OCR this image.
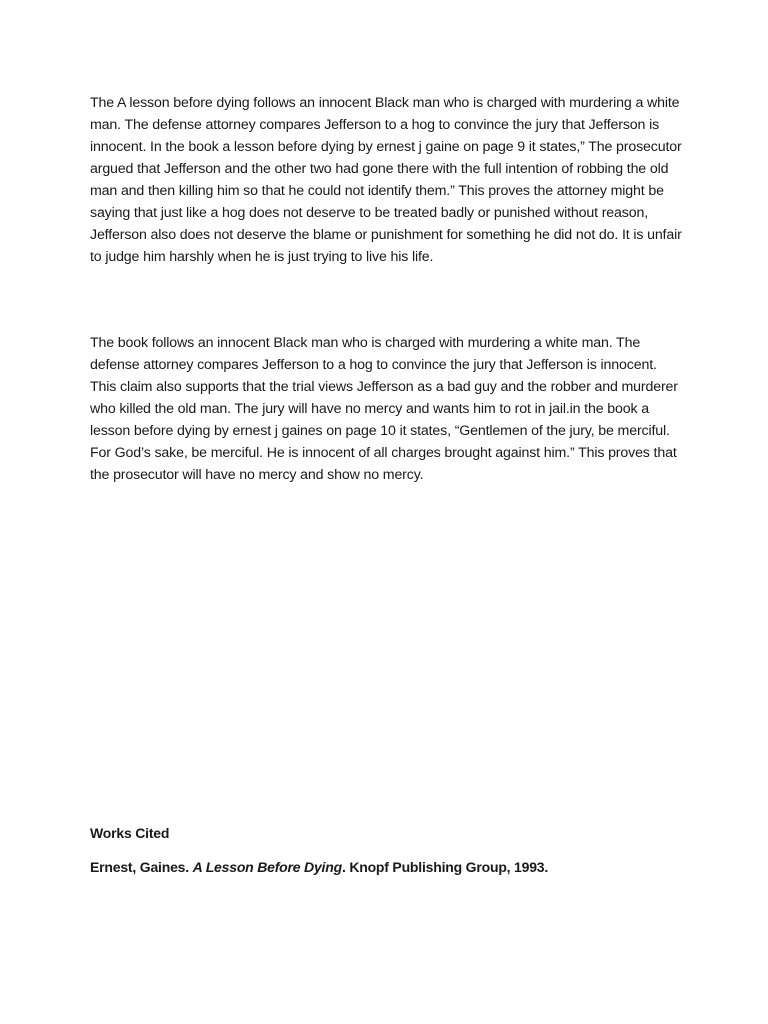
The A lesson before dying follows an innocent Black man who is charged with murdering a white man. The defense attorney compares Jefferson to a hog to convince the jury that Jefferson is innocent. In the book a lesson before dying by ernest j gaine on page 9 it states,” The prosecutor argued that Jefferson and the other two had gone there with the full intention of robbing the old man and then killing him so that he could not identify them.” This proves the attorney might be saying that just like a hog does not deserve to be treated badly or punished without reason, Jefferson also does not deserve the blame or punishment for something he did not do. It is unfair to judge him harshly when he is just trying to live his life.

The book follows an innocent Black man who is charged with murdering a white man. The defense attorney compares Jefferson to a hog to convince the jury that Jefferson is innocent. This claim also supports that the trial views Jefferson as a bad guy and the robber and murderer who killed the old man. The jury will have no mercy and wants him to rot in jail.in the book a lesson before dying by ernest j gaines on page 10 it states, “Gentlemen of the jury, be merciful. For God’s sake, be merciful. He is innocent of all charges brought against him.” This proves that the prosecutor will have no mercy and show no mercy.

Works Cited

Ernest, Gaines. A Lesson Before Dying. Knopf Publishing Group, 1993.
